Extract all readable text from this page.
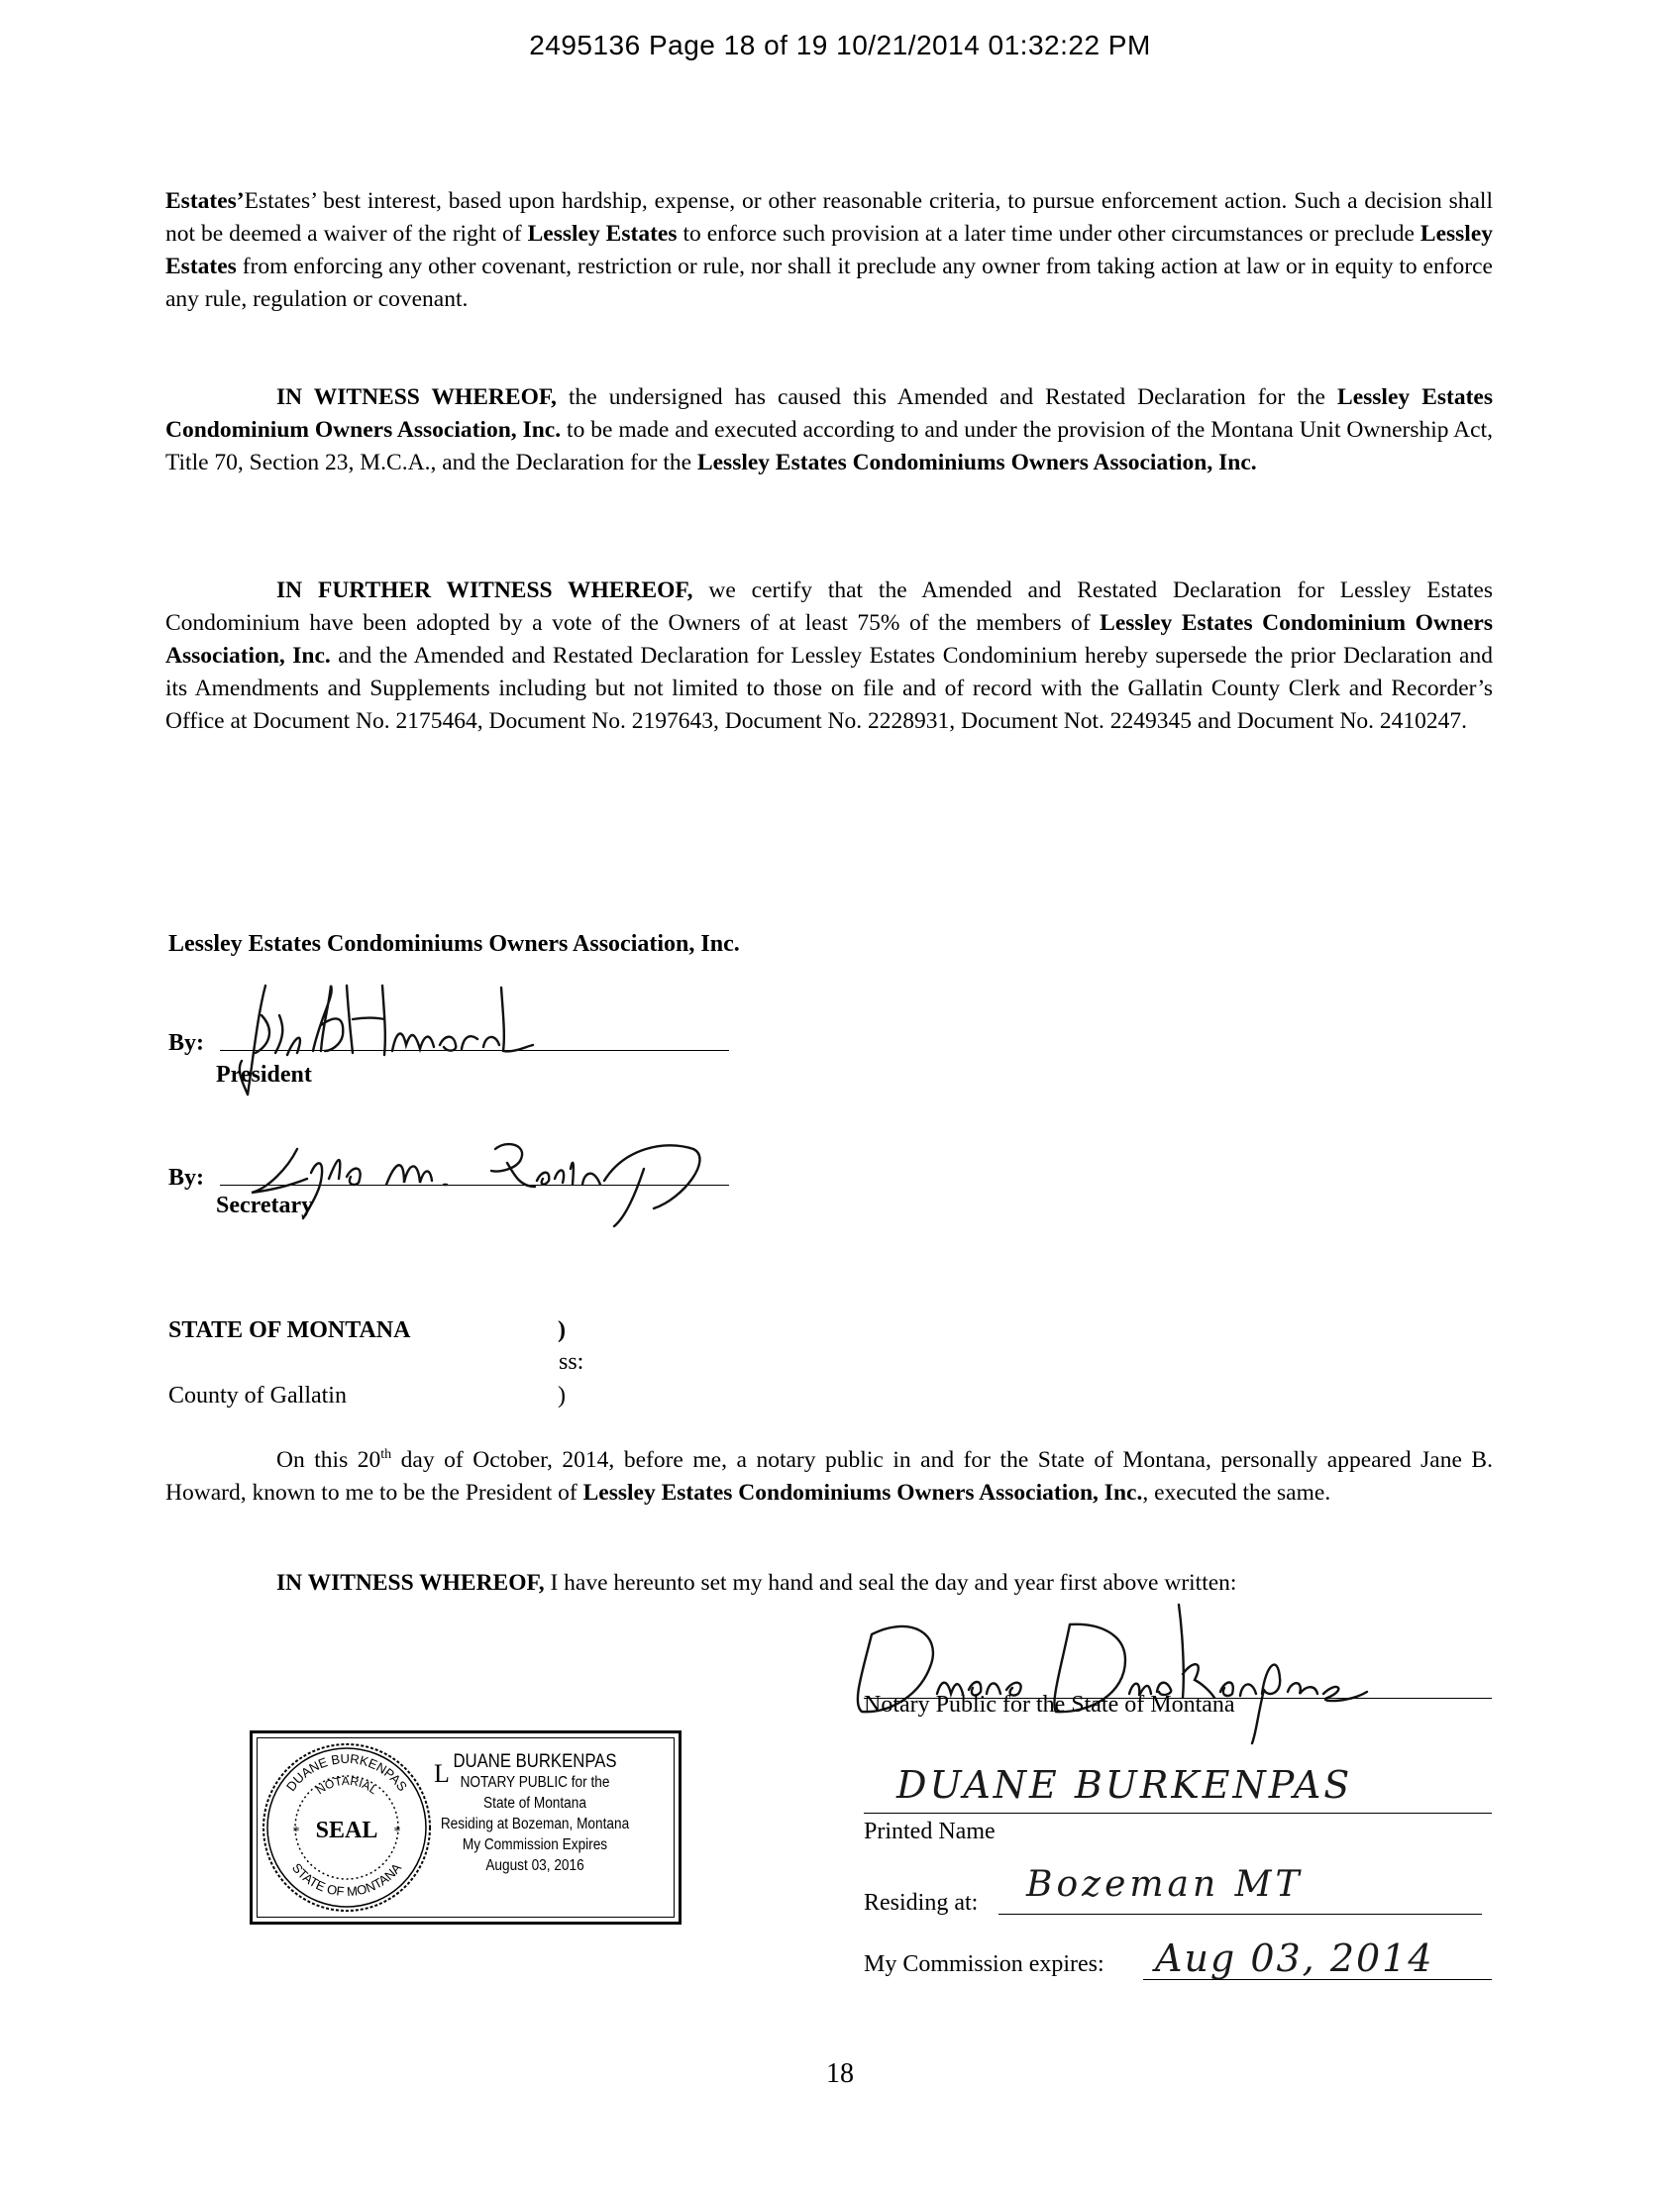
2495136 Page 18 of 19 10/21/2014 01:32:22 PM
Estates’Estates’ best interest, based upon hardship, expense, or other reasonable criteria, to pursue enforcement action. Such a decision shall not be deemed a waiver of the right of Lessley Estates to enforce such provision at a later time under other circumstances or preclude Lessley Estates from enforcing any other covenant, restriction or rule, nor shall it preclude any owner from taking action at law or in equity to enforce any rule, regulation or covenant.
IN WITNESS WHEREOF, the undersigned has caused this Amended and Restated Declaration for the Lessley Estates Condominium Owners Association, Inc. to be made and executed according to and under the provision of the Montana Unit Ownership Act, Title 70, Section 23, M.C.A., and the Declaration for the Lessley Estates Condominiums Owners Association, Inc.
IN FURTHER WITNESS WHEREOF, we certify that the Amended and Restated Declaration for Lessley Estates Condominium have been adopted by a vote of the Owners of at least 75% of the members of Lessley Estates Condominium Owners Association, Inc. and the Amended and Restated Declaration for Lessley Estates Condominium hereby supersede the prior Declaration and its Amendments and Supplements including but not limited to those on file and of record with the Gallatin County Clerk and Recorder’s Office at Document No. 2175464, Document No. 2197643, Document No. 2228931, Document Not. 2249345 and Document No. 2410247.
Lessley Estates Condominiums Owners Association, Inc.
By:
President
By:
Secretary
STATE OF MONTANA	)
ss:
County of Gallatin	)
On this 20th day of October, 2014, before me, a notary public in and for the State of Montana, personally appeared Jane B. Howard, known to me to be the President of Lessley Estates Condominiums Owners Association, Inc., executed the same.
IN WITNESS WHEREOF, I have hereunto set my hand and seal the day and year first above written:
Notary Public for the State of Montana
DUANE BURKENPAS
Printed Name
Residing at: Bozeman MT
My Commission expires: Aug 03, 2014
DUANE BURKENPAS
STATE OF MONTANA
NOTARIAL
SEAL
*	*
L DUANE BURKENPAS
NOTARY PUBLIC for the
State of Montana
Residing at Bozeman, Montana
My Commission Expires
August 03, 2016
18
